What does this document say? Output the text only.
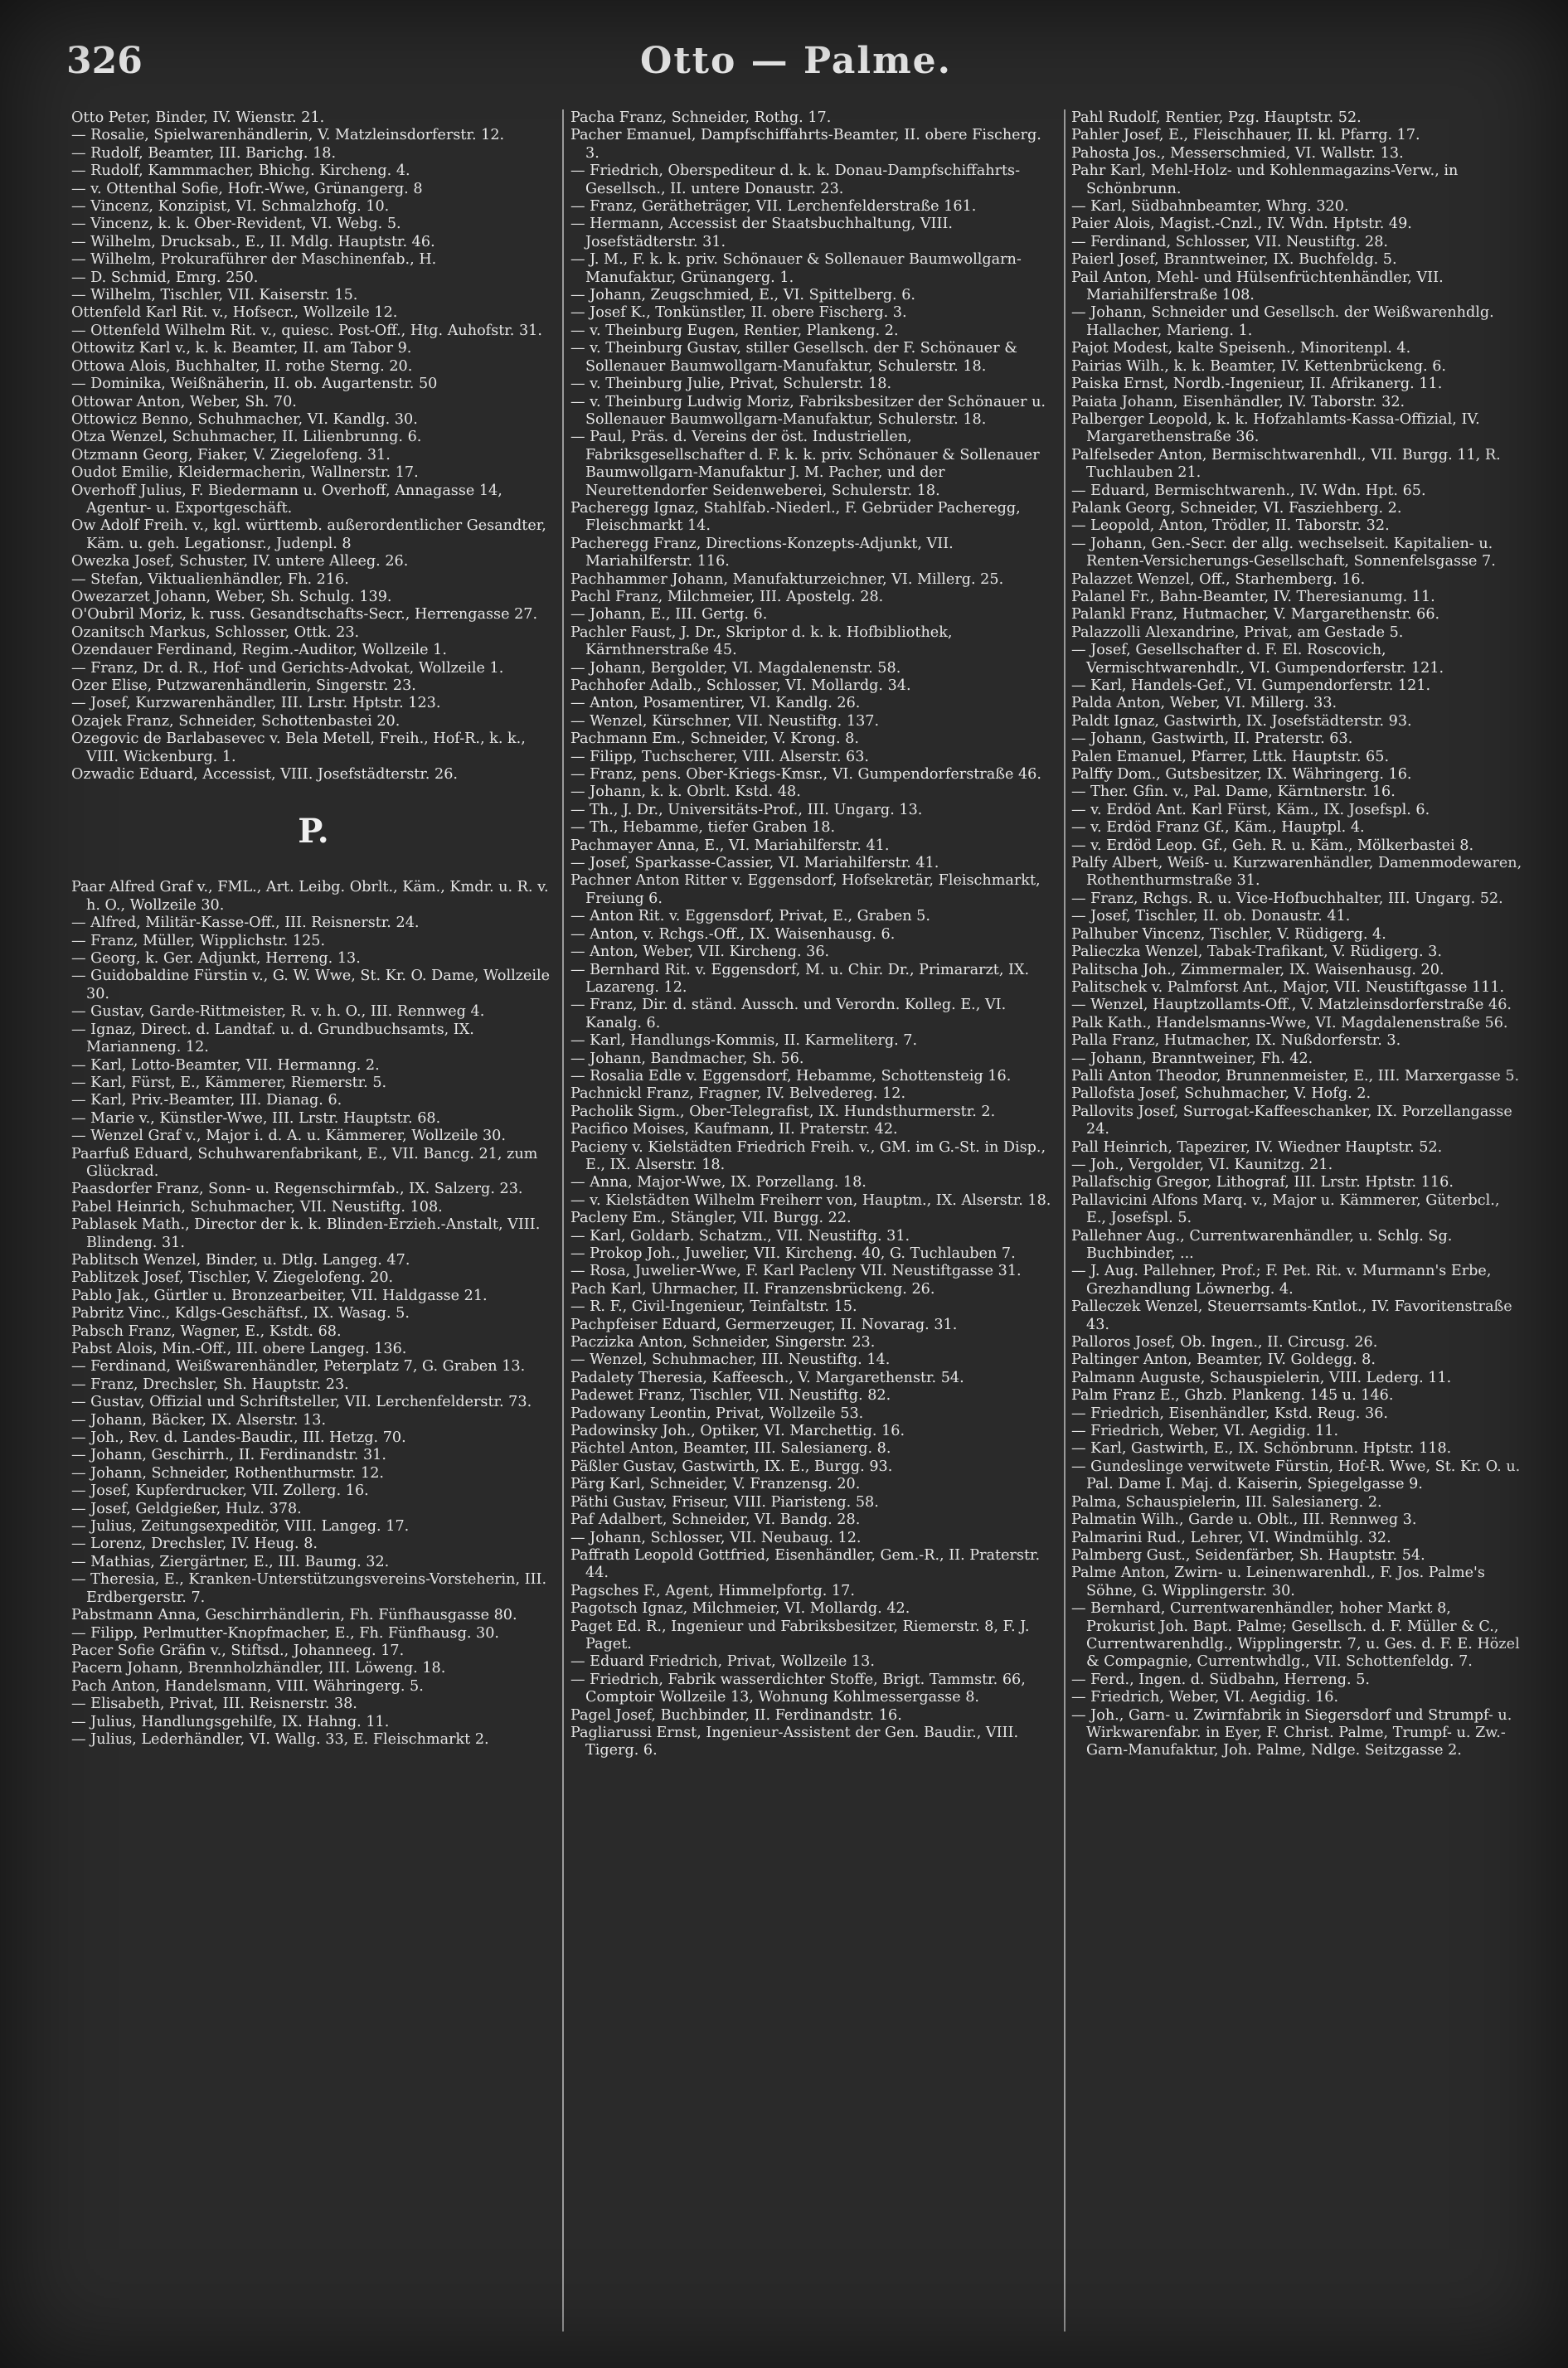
326	Otto — Palme.

Otto Peter, Binder, IV. Wienstr. 21.

— Rosalie, Spielwarenhändlerin, V. Matzleinsdorferstr. 12.

— Rudolf, Beamter, III. Barichg. 18.

— Rudolf, Kammmacher, Bhichg. Kircheng. 4.

— v. Ottenthal Sofie, Hofr.-Wwe, Grünangerg. 8

— Vincenz, Konzipist, VI. Schmalzhofg. 10.

— Vincenz, k. k. Ober-Revident, VI. Webg. 5.

— Wilhelm, Drucksab., E., II. Mdlg. Hauptstr. 46.

— Wilhelm, Prokuraführer der Maschinenfab., H.

— D. Schmid, Emrg. 250.

— Wilhelm, Tischler, VII. Kaiserstr. 15.

Ottenfeld Karl Rit. v., Hofsecr., Wollzeile 12.

— Ottenfeld Wilhelm Rit. v., quiesc. Post-Off., Htg. Auhofstr. 31.

Ottowitz Karl v., k. k. Beamter, II. am Tabor 9.

Ottowa Alois, Buchhalter, II. rothe Sterng. 20.

— Dominika, Weißnäherin, II. ob. Augartenstr. 50

Ottowar Anton, Weber, Sh. 70.

Ottowicz Benno, Schuhmacher, VI. Kandlg. 30.

Otza Wenzel, Schuhmacher, II. Lilienbrunng. 6.

Otzmann Georg, Fiaker, V. Ziegelofeng. 31.

Oudot Emilie, Kleidermacherin, Wallnerstr. 17.

Overhoff Julius, F. Biedermann u. Overhoff, Annagasse 14, Agentur- u. Exportgeschäft.

Ow Adolf Freih. v., kgl. württemb. außerordentlicher Gesandter, Käm. u. geh. Legationsr., Judenpl. 8

Owezka Josef, Schuster, IV. untere Alleeg. 26.

— Stefan, Viktualienhändler, Fh. 216.

Owezarzet Johann, Weber, Sh. Schulg. 139.

O'Oubril Moriz, k. russ. Gesandtschafts-Secr., Herrengasse 27.

Ozanitsch Markus, Schlosser, Ottk. 23.

Ozendauer Ferdinand, Regim.-Auditor, Wollzeile 1.

— Franz, Dr. d. R., Hof- und Gerichts-Advokat, Wollzeile 1.

Ozer Elise, Putzwarenhändlerin, Singerstr. 23.

— Josef, Kurzwarenhändler, III. Lrstr. Hptstr. 123.

Ozajek Franz, Schneider, Schottenbastei 20.

Ozegovic de Barlabasevec v. Bela Metell, Freih., Hof-R., k. k., VIII. Wickenburg. 1.

Ozwadic Eduard, Accessist, VIII. Josefstädterstr. 26.

P.

Paar Alfred Graf v., FML., Art. Leibg. Obrlt., Käm., Kmdr. u. R. v. h. O., Wollzeile 30.

— Alfred, Militär-Kasse-Off., III. Reisnerstr. 24.

— Franz, Müller, Wipplichstr. 125.

— Georg, k. Ger. Adjunkt, Herreng. 13.

— Guidobaldine Fürstin v., G. W. Wwe, St. Kr. O. Dame, Wollzeile 30.

— Gustav, Garde-Rittmeister, R. v. h. O., III. Rennweg 4.

— Ignaz, Direct. d. Landtaf. u. d. Grundbuchsamts, IX. Marianneng. 12.

— Karl, Lotto-Beamter, VII. Hermanng. 2.

— Karl, Fürst, E., Kämmerer, Riemerstr. 5.

— Karl, Priv.-Beamter, III. Dianag. 6.

— Marie v., Künstler-Wwe, III. Lrstr. Hauptstr. 68.

— Wenzel Graf v., Major i. d. A. u. Kämmerer, Wollzeile 30.

Paarfuß Eduard, Schuhwarenfabrikant, E., VII. Bancg. 21, zum Glückrad.

Paasdorfer Franz, Sonn- u. Regenschirmfab., IX. Salzerg. 23.

Pabel Heinrich, Schuhmacher, VII. Neustiftg. 108.

Pablasek Math., Director der k. k. Blinden-Erzieh.-Anstalt, VIII. Blindeng. 31.

Pablitsch Wenzel, Binder, u. Dtlg. Langeg. 47.

Pablitzek Josef, Tischler, V. Ziegelofeng. 20.

Pablo Jak., Gürtler u. Bronzearbeiter, VII. Haldgasse 21.

Pabritz Vinc., Kdlgs-Geschäftsf., IX. Wasag. 5.

Pabsch Franz, Wagner, E., Kstdt. 68.

Pabst Alois, Min.-Off., III. obere Langeg. 136.

— Ferdinand, Weißwarenhändler, Peterplatz 7, G. Graben 13.

— Franz, Drechsler, Sh. Hauptstr. 23.

— Gustav, Offizial und Schriftsteller, VII. Lerchenfelderstr. 73.

— Johann, Bäcker, IX. Alserstr. 13.

— Joh., Rev. d. Landes-Baudir., III. Hetzg. 70.

— Johann, Geschirrh., II. Ferdinandstr. 31.

— Johann, Schneider, Rothenthurmstr. 12.

— Josef, Kupferdrucker, VII. Zollerg. 16.

— Josef, Geldgießer, Hulz. 378.

— Julius, Zeitungsexpeditör, VIII. Langeg. 17.

— Lorenz, Drechsler, IV. Heug. 8.

— Mathias, Ziergärtner, E., III. Baumg. 32.

— Theresia, E., Kranken-Unterstützungsvereins-Vorsteherin, III. Erdbergerstr. 7.

Pabstmann Anna, Geschirrhändlerin, Fh. Fünfhausgasse 80.

— Filipp, Perlmutter-Knopfmacher, E., Fh. Fünfhausg. 30.

Pacer Sofie Gräfin v., Stiftsd., Johanneeg. 17.

Pacern Johann, Brennholzhändler, III. Löweng. 18.

Pach Anton, Handelsmann, VIII. Währingerg. 5.

— Elisabeth, Privat, III. Reisnerstr. 38.

— Julius, Handlungsgehilfe, IX. Hahng. 11.

— Julius, Lederhändler, VI. Wallg. 33, E. Fleischmarkt 2.

Pacha Franz, Schneider, Rothg. 17.

Pacher Emanuel, Dampfschiffahrts-Beamter, II. obere Fischerg. 3.

— Friedrich, Oberspediteur d. k. k. Donau-Dampfschiffahrts-Gesellsch., II. untere Donaustr. 23.

— Franz, Gerätheträger, VII. Lerchenfelderstraße 161.

— Hermann, Accessist der Staatsbuchhaltung, VIII. Josefstädterstr. 31.

— J. M., F. k. k. priv. Schönauer & Sollenauer Baumwollgarn-Manufaktur, Grünangerg. 1.

— Johann, Zeugschmied, E., VI. Spittelberg. 6.

— Josef K., Tonkünstler, II. obere Fischerg. 3.

— v. Theinburg Eugen, Rentier, Plankeng. 2.

— v. Theinburg Gustav, stiller Gesellsch. der F. Schönauer & Sollenauer Baumwollgarn-Manufaktur, Schulerstr. 18.

— v. Theinburg Julie, Privat, Schulerstr. 18.

— v. Theinburg Ludwig Moriz, Fabriksbesitzer der Schönauer u. Sollenauer Baumwollgarn-Manufaktur, Schulerstr. 18.

— Paul, Präs. d. Vereins der öst. Industriellen, Fabriksgesellschafter d. F. k. k. priv. Schönauer & Sollenauer Baumwollgarn-Manufaktur J. M. Pacher, und der Neurettendorfer Seidenweberei, Schulerstr. 18.

Pacheregg Ignaz, Stahlfab.-Niederl., F. Gebrüder Pacheregg, Fleischmarkt 14.

Pacheregg Franz, Directions-Konzepts-Adjunkt, VII. Mariahilferstr. 116.

Pachhammer Johann, Manufakturzeichner, VI. Millerg. 25.

Pachl Franz, Milchmeier, III. Apostelg. 28.

— Johann, E., III. Gertg. 6.

Pachler Faust, J. Dr., Skriptor d. k. k. Hofbibliothek, Kärnthnerstraße 45.

— Johann, Bergolder, VI. Magdalenenstr. 58.

Pachhofer Adalb., Schlosser, VI. Mollardg. 34.

— Anton, Posamentirer, VI. Kandlg. 26.

— Wenzel, Kürschner, VII. Neustiftg. 137.

Pachmann Em., Schneider, V. Krong. 8.

— Filipp, Tuchscherer, VIII. Alserstr. 63.

— Franz, pens. Ober-Kriegs-Kmsr., VI. Gumpendorferstraße 46.

— Johann, k. k. Obrlt. Kstd. 48.

— Th., J. Dr., Universitäts-Prof., III. Ungarg. 13.

— Th., Hebamme, tiefer Graben 18.

Pachmayer Anna, E., VI. Mariahilferstr. 41.

— Josef, Sparkasse-Cassier, VI. Mariahilferstr. 41.

Pachner Anton Ritter v. Eggensdorf, Hofsekretär, Fleischmarkt, Freiung 6.

— Anton Rit. v. Eggensdorf, Privat, E., Graben 5.

— Anton, v. Rchgs.-Off., IX. Waisenhausg. 6.

— Anton, Weber, VII. Kircheng. 36.

— Bernhard Rit. v. Eggensdorf, M. u. Chir. Dr., Primararzt, IX. Lazareng. 12.

— Franz, Dir. d. ständ. Aussch. und Verordn. Kolleg. E., VI. Kanalg. 6.

— Karl, Handlungs-Kommis, II. Karmeliterg. 7.

— Johann, Bandmacher, Sh. 56.

— Rosalia Edle v. Eggensdorf, Hebamme, Schottensteig 16.

Pachnickl Franz, Fragner, IV. Belvedereg. 12.

Pacholik Sigm., Ober-Telegrafist, IX. Hundsthurmerstr. 2.

Pacifico Moises, Kaufmann, II. Praterstr. 42.

Pacieny v. Kielstädten Friedrich Freih. v., GM. im G.-St. in Disp., E., IX. Alserstr. 18.

— Anna, Major-Wwe, IX. Porzellang. 18.

— v. Kielstädten Wilhelm Freiherr von, Hauptm., IX. Alserstr. 18.

Pacleny Em., Stängler, VII. Burgg. 22.

— Karl, Goldarb. Schatzm., VII. Neustiftg. 31.

— Prokop Joh., Juwelier, VII. Kircheng. 40, G. Tuchlauben 7.

— Rosa, Juwelier-Wwe, F. Karl Pacleny VII. Neustiftgasse 31.

Pach Karl, Uhrmacher, II. Franzensbrückeng. 26.

— R. F., Civil-Ingenieur, Teinfaltstr. 15.

Pachpfeiser Eduard, Germerzeuger, II. Novarag. 31.

Paczizka Anton, Schneider, Singerstr. 23.

— Wenzel, Schuhmacher, III. Neustiftg. 14.

Padalety Theresia, Kaffeesch., V. Margarethenstr. 54.

Padewet Franz, Tischler, VII. Neustiftg. 82.

Padowany Leontin, Privat, Wollzeile 53.

Padowinsky Joh., Optiker, VI. Marchettig. 16.

Pächtel Anton, Beamter, III. Salesianerg. 8.

Päßler Gustav, Gastwirth, IX. E., Burgg. 93.

Pärg Karl, Schneider, V. Franzensg. 20.

Päthi Gustav, Friseur, VIII. Piaristeng. 58.

Paf Adalbert, Schneider, VI. Bandg. 28.

— Johann, Schlosser, VII. Neubaug. 12.

Paffrath Leopold Gottfried, Eisenhändler, Gem.-R., II. Praterstr. 44.

Pagsches F., Agent, Himmelpfortg. 17.

Pagotsch Ignaz, Milchmeier, VI. Mollardg. 42.

Paget Ed. R., Ingenieur und Fabriksbesitzer, Riemerstr. 8, F. J. Paget.

— Eduard Friedrich, Privat, Wollzeile 13.

— Friedrich, Fabrik wasserdichter Stoffe, Brigt. Tammstr. 66, Comptoir Wollzeile 13, Wohnung Kohlmessergasse 8.

Pagel Josef, Buchbinder, II. Ferdinandstr. 16.

Pagliarussi Ernst, Ingenieur-Assistent der Gen. Baudir., VIII. Tigerg. 6.

Pahl Rudolf, Rentier, Pzg. Hauptstr. 52.

Pahler Josef, E., Fleischhauer, II. kl. Pfarrg. 17.

Pahosta Jos., Messerschmied, VI. Wallstr. 13.

Pahr Karl, Mehl-Holz- und Kohlenmagazins-Verw., in Schönbrunn.

— Karl, Südbahnbeamter, Whrg. 320.

Paier Alois, Magist.-Cnzl., IV. Wdn. Hptstr. 49.

— Ferdinand, Schlosser, VII. Neustiftg. 28.

Paierl Josef, Branntweiner, IX. Buchfeldg. 5.

Pail Anton, Mehl- und Hülsenfrüchtenhändler, VII. Mariahilferstraße 108.

— Johann, Schneider und Gesellsch. der Weißwarenhdlg. Hallacher, Marieng. 1.

Pajot Modest, kalte Speisenh., Minoritenpl. 4.

Pairias Wilh., k. k. Beamter, IV. Kettenbrückeng. 6.

Paiska Ernst, Nordb.-Ingenieur, II. Afrikanerg. 11.

Paiata Johann, Eisenhändler, IV. Taborstr. 32.

Palberger Leopold, k. k. Hofzahlamts-Kassa-Offizial, IV. Margarethenstraße 36.

Palfelseder Anton, Bermischtwarenhdl., VII. Burgg. 11, R. Tuchlauben 21.

— Eduard, Bermischtwarenh., IV. Wdn. Hpt. 65.

Palank Georg, Schneider, VI. Fasziehberg. 2.

— Leopold, Anton, Trödler, II. Taborstr. 32.

— Johann, Gen.-Secr. der allg. wechselseit. Kapitalien- u. Renten-Versicherungs-Gesellschaft, Sonnenfelsgasse 7.

Palazzet Wenzel, Off., Starhemberg. 16.

Palanel Fr., Bahn-Beamter, IV. Theresianumg. 11.

Palankl Franz, Hutmacher, V. Margarethenstr. 66.

Palazzolli Alexandrine, Privat, am Gestade 5.

— Josef, Gesellschafter d. F. El. Roscovich, Vermischtwarenhdlr., VI. Gumpendorferstr. 121.

— Karl, Handels-Gef., VI. Gumpendorferstr. 121.

Palda Anton, Weber, VI. Millerg. 33.

Paldt Ignaz, Gastwirth, IX. Josefstädterstr. 93.

— Johann, Gastwirth, II. Praterstr. 63.

Palen Emanuel, Pfarrer, Lttk. Hauptstr. 65.

Palffy Dom., Gutsbesitzer, IX. Währingerg. 16.

— Ther. Gfin. v., Pal. Dame, Kärntnerstr. 16.

— v. Erdöd Ant. Karl Fürst, Käm., IX. Josefspl. 6.

— v. Erdöd Franz Gf., Käm., Hauptpl. 4.

— v. Erdöd Leop. Gf., Geh. R. u. Käm., Mölkerbastei 8.

Palfy Albert, Weiß- u. Kurzwarenhändler, Damenmodewaren, Rothenthurmstraße 31.

— Franz, Rchgs. R. u. Vice-Hofbuchhalter, III. Ungarg. 52.

— Josef, Tischler, II. ob. Donaustr. 41.

Palhuber Vincenz, Tischler, V. Rüdigerg. 4.

Palieczka Wenzel, Tabak-Trafikant, V. Rüdigerg. 3.

Palitscha Joh., Zimmermaler, IX. Waisenhausg. 20.

Palitschek v. Palmforst Ant., Major, VII. Neustiftgasse 111.

— Wenzel, Hauptzollamts-Off., V. Matzleinsdorferstraße 46.

Palk Kath., Handelsmanns-Wwe, VI. Magdalenenstraße 56.

Palla Franz, Hutmacher, IX. Nußdorferstr. 3.

— Johann, Branntweiner, Fh. 42.

Palli Anton Theodor, Brunnenmeister, E., III. Marxergasse 5.

Pallofsta Josef, Schuhmacher, V. Hofg. 2.

Pallovits Josef, Surrogat-Kaffeeschanker, IX. Porzellangasse 24.

Pall Heinrich, Tapezirer, IV. Wiedner Hauptstr. 52.

— Joh., Vergolder, VI. Kaunitzg. 21.

Pallafschig Gregor, Lithograf, III. Lrstr. Hptstr. 116.

Pallavicini Alfons Marq. v., Major u. Kämmerer, Güterbcl., E., Josefspl. 5.

Pallehner Aug., Currentwarenhändler, u. Schlg. Sg. Buchbinder, ...

— J. Aug. Pallehner, Prof.; F. Pet. Rit. v. Murmann's Erbe, Grezhandlung Löwnerbg. 4.

Palleczek Wenzel, Steuerrsamts-Kntlot., IV. Favoritenstraße 43.

Palloros Josef, Ob. Ingen., II. Circusg. 26.

Paltinger Anton, Beamter, IV. Goldegg. 8.

Palmann Auguste, Schauspielerin, VIII. Lederg. 11.

Palm Franz E., Ghzb. Plankeng. 145 u. 146.

— Friedrich, Eisenhändler, Kstd. Reug. 36.

— Friedrich, Weber, VI. Aegidig. 11.

— Karl, Gastwirth, E., IX. Schönbrunn. Hptstr. 118.

— Gundeslinge verwitwete Fürstin, Hof-R. Wwe, St. Kr. O. u. Pal. Dame I. Maj. d. Kaiserin, Spiegelgasse 9.

Palma, Schauspielerin, III. Salesianerg. 2.

Palmatin Wilh., Garde u. Oblt., III. Rennweg 3.

Palmarini Rud., Lehrer, VI. Windmühlg. 32.

Palmberg Gust., Seidenfärber, Sh. Hauptstr. 54.

Palme Anton, Zwirn- u. Leinenwarenhdl., F. Jos. Palme's Söhne, G. Wipplingerstr. 30.

— Bernhard, Currentwarenhändler, hoher Markt 8, Prokurist Joh. Bapt. Palme; Gesellsch. d. F. Müller & C., Currentwarenhdlg., Wipplingerstr. 7, u. Ges. d. F. E. Hözel & Compagnie, Currentwhdlg., VII. Schottenfeldg. 7.

— Ferd., Ingen. d. Südbahn, Herreng. 5.

— Friedrich, Weber, VI. Aegidig. 16.

— Joh., Garn- u. Zwirnfabrik in Siegersdorf und Strumpf- u. Wirkwarenfabr. in Eyer, F. Christ. Palme, Trumpf- u. Zw.-Garn-Manufaktur, Joh. Palme, Ndlge. Seitzgasse 2.
